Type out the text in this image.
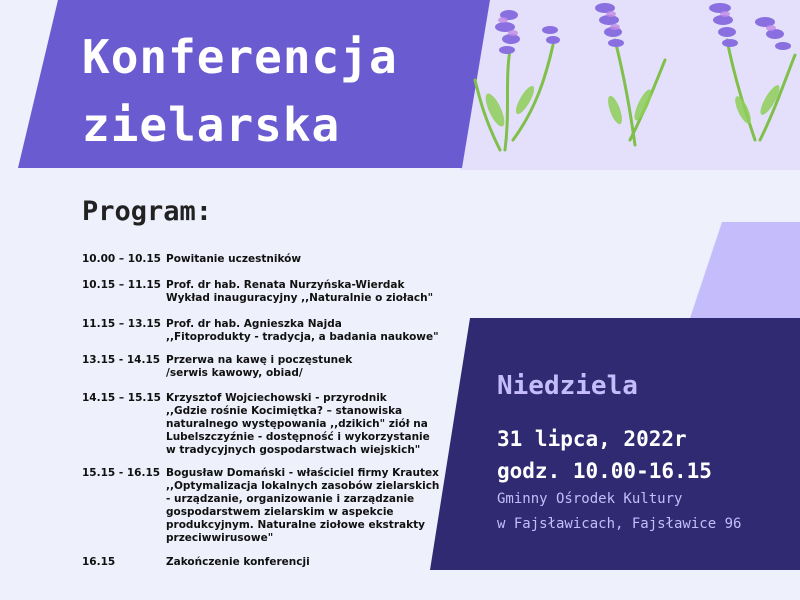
Konferencja
zielarska
Program:
10.00 – 10.15 Powitanie uczestników
10.15 – 11.15 Prof. dr hab. Renata Nurzyńska-Wierdak
Wykład inauguracyjny ,,Naturalnie o ziołach"
11.15 – 13.15 Prof. dr hab. Agnieszka Najda
,,Fitoprodukty - tradycja, a badania naukowe"
13.15 - 14.15 Przerwa na kawę i poczęstunek
/serwis kawowy, obiad/
14.15 – 15.15 Krzysztof Wojciechowski - przyrodnik
,,Gdzie rośnie Kocimiętka? – stanowiska
naturalnego występowania ,,dzikich" ziół na
Lubelszczyźnie - dostępność i wykorzystanie
w tradycyjnych gospodarstwach wiejskich"
15.15 - 16.15 Bogusław Domański - właściciel firmy Krautex
,,Optymalizacja lokalnych zasobów zielarskich
- urządzanie, organizowanie i zarządzanie
gospodarstwem zielarskim w aspekcie
produkcyjnym. Naturalne ziołowe ekstrakty
przeciwwirusowe"
16.15	Zakończenie konferencji
Niedziela
31 lipca, 2022r
godz. 10.00-16.15
Gminny Ośrodek Kultury
w Fajsławicach, Fajsławice 96
